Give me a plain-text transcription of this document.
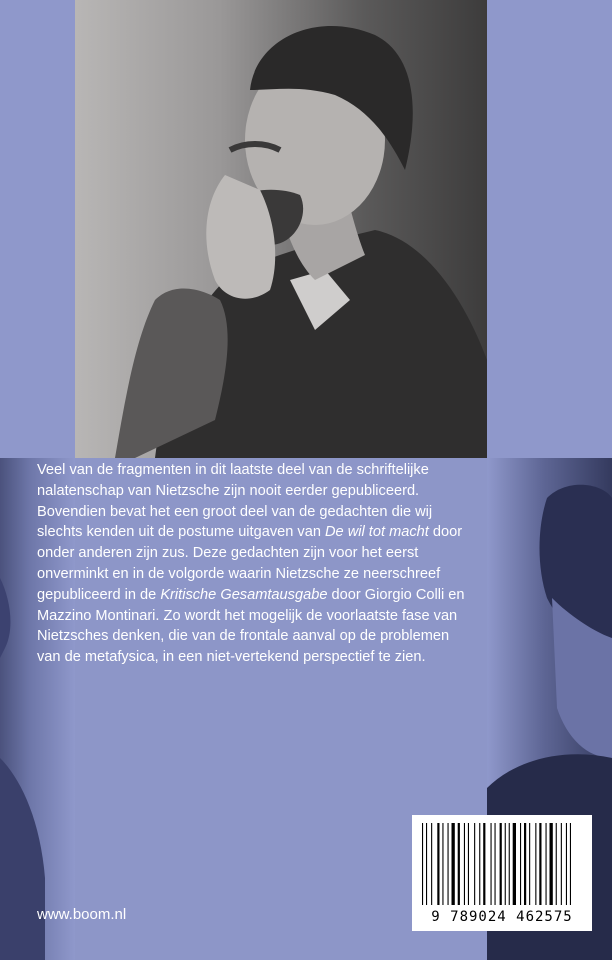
Veel van de fragmenten in dit laatste deel van de schriftelijke nalatenschap van Nietzsche zijn nooit eerder gepubliceerd. Bovendien bevat het een groot deel van de gedachten die wij slechts kenden uit de postume uitgaven van De wil tot macht door onder anderen zijn zus. Deze gedachten zijn voor het eerst onverminkt en in de volgorde waarin Nietzsche ze neerschreef gepubliceerd in de Kritische Gesamtausgabe door Giorgio Colli en Mazzino Montinari. Zo wordt het mogelijk de voorlaatste fase van Nietzsches denken, die van de frontale aanval op de problemen van de metafysica, in een niet-vertekend perspectief te zien.

www.boom.nl	9 789024 462575
